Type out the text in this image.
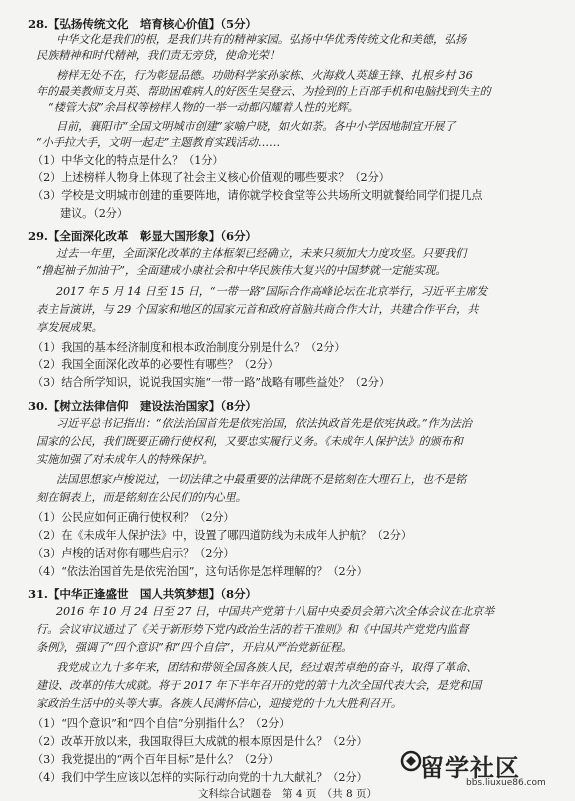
28.【弘扬传统文化　培育核心价值】（5分）
中华文化是我们的根，是我们共有的精神家园。弘扬中华优秀传统文化和美德，弘扬
民族精神和时代精神，我们责无旁贷，使命光荣！
榜样无处不在，行为彰显品德。功勋科学家孙家栋、火海救人英雄王锋、扎根乡村 36
年的最美教师支月英、帮助困难病人的好医生吴登云、为捡到的上百部手机和电脑找到失主的
“楼管大叔”余昌权等榜样人物的一举一动都闪耀着人性的光辉。
目前，襄阳市“全国文明城市创建”家喻户晓，如火如荼。各中小学因地制宜开展了
“小手拉大手，文明一起走”主题教育实践活动……
（1）中华文化的特点是什么？（1分）
（2）上述榜样人物身上体现了社会主义核心价值观的哪些要求？（2分）
（3）学校是文明城市创建的重要阵地，请你就学校食堂等公共场所文明就餐给同学们提几点
建议。（2分）
29.【全面深化改革　彰显大国形象】（6分）
过去一年里，全面深化改革的主体框架已经确立，未来只须加大力度攻坚。只要我们
“撸起袖子加油干”，全面建成小康社会和中华民族伟大复兴的中国梦就一定能实现。
2017 年 5 月 14 日至 15 日，“一带一路”国际合作高峰论坛在北京举行，习近平主席发
表主旨演讲，与 29 个国家和地区的国家元首和政府首脑共商合作大计，共建合作平台，共
享发展成果。
（1）我国的基本经济制度和根本政治制度分别是什么？（2分）
（2）我国全面深化改革的必要性有哪些？（2分）
（3）结合所学知识，说说我国实施“一带一路”战略有哪些益处？（2分）
30.【树立法律信仰　建设法治国家】（8分）
习近平总书记指出：“依法治国首先是依宪治国，依法执政首先是依宪执政。”作为法治
国家的公民，我们既要正确行使权利，又要忠实履行义务。《未成年人保护法》的颁布和
实施加强了对未成年人的特殊保护。
法国思想家卢梭说过，一切法律之中最重要的法律既不是铭刻在大理石上，也不是铭
刻在铜表上，而是铭刻在公民们的内心里。
（1）公民应如何正确行使权利？（2分）
（2）在《未成年人保护法》中，设置了哪四道防线为未成年人护航？（2分）
（3）卢梭的话对你有哪些启示？（2分）
（4）“依法治国首先是依宪治国”，这句话你是怎样理解的？（2分）
31.【中华正逢盛世　国人共筑梦想】（8分）
2016 年 10 月 24 日至 27 日，中国共产党第十八届中央委员会第六次全体会议在北京举
行。会议审议通过了《关于新形势下党内政治生活的若干准则》和《中国共产党党内监督
条例》，强调了“四个意识”和“四个自信”，开启从严治党新征程。
我党成立九十多年来，团结和带领全国各族人民，经过艰苦卓绝的奋斗，取得了革命、
建设、改革的伟大成就。将于 2017 年下半年召开的党的第十九次全国代表大会，是党和国
家政治生活中的头等大事。各族人民满怀信心，迎接党的十九大胜利召开。
（1）“四个意识”和“四个自信”分别指什么？（2分）
（2）改革开放以来，我国取得巨大成就的根本原因是什么？（2分）
（3）我党提出的“两个百年目标”是什么？（2分）
（4）我们中学生应该以怎样的实际行动向党的十九大献礼？（2分）
文科综合试题卷　第 4 页　（共 8 页）
留学社区
bbs.liuxue86.com
